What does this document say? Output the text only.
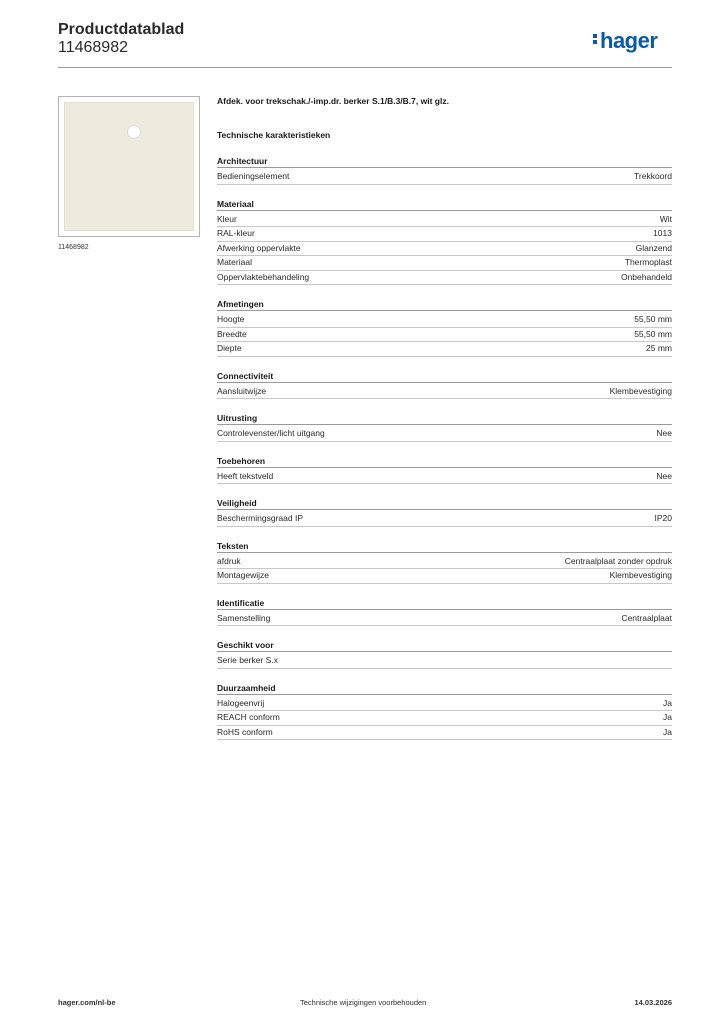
Productdatablad
11468982	hager
11468982
Afdek. voor trekschak./-imp.dr. berker S.1/B.3/B.7, wit glz.
Technische karakteristieken
Architectuur
Bedieningselement	Trekkoord
Materiaal
Kleur	Wit
RAL-kleur	1013
Afwerking oppervlakte	Glanzend
Materiaal	Thermoplast
Oppervlaktebehandeling	Onbehandeld
Afmetingen
Hoogte	55,50 mm
Breedte	55,50 mm
Diepte	25 mm
Connectiviteit
Aansluitwijze	Klembevestiging
Uitrusting
Controlevenster/licht uitgang	Nee
Toebehoren
Heeft tekstveld	Nee
Veiligheid
Beschermingsgraad IP	IP20
Teksten
afdruk	Centraalplaat zonder opdruk
Montagewijze	Klembevestiging
Identificatie
Samenstelling	Centraalplaat
Geschikt voor
Serie berker S.x
Duurzaamheid
Halogeenvrij	Ja
REACH conform	Ja
RoHS conform	Ja
hager.com/nl-be	Technische wijzigingen voorbehouden	14.03.2026
